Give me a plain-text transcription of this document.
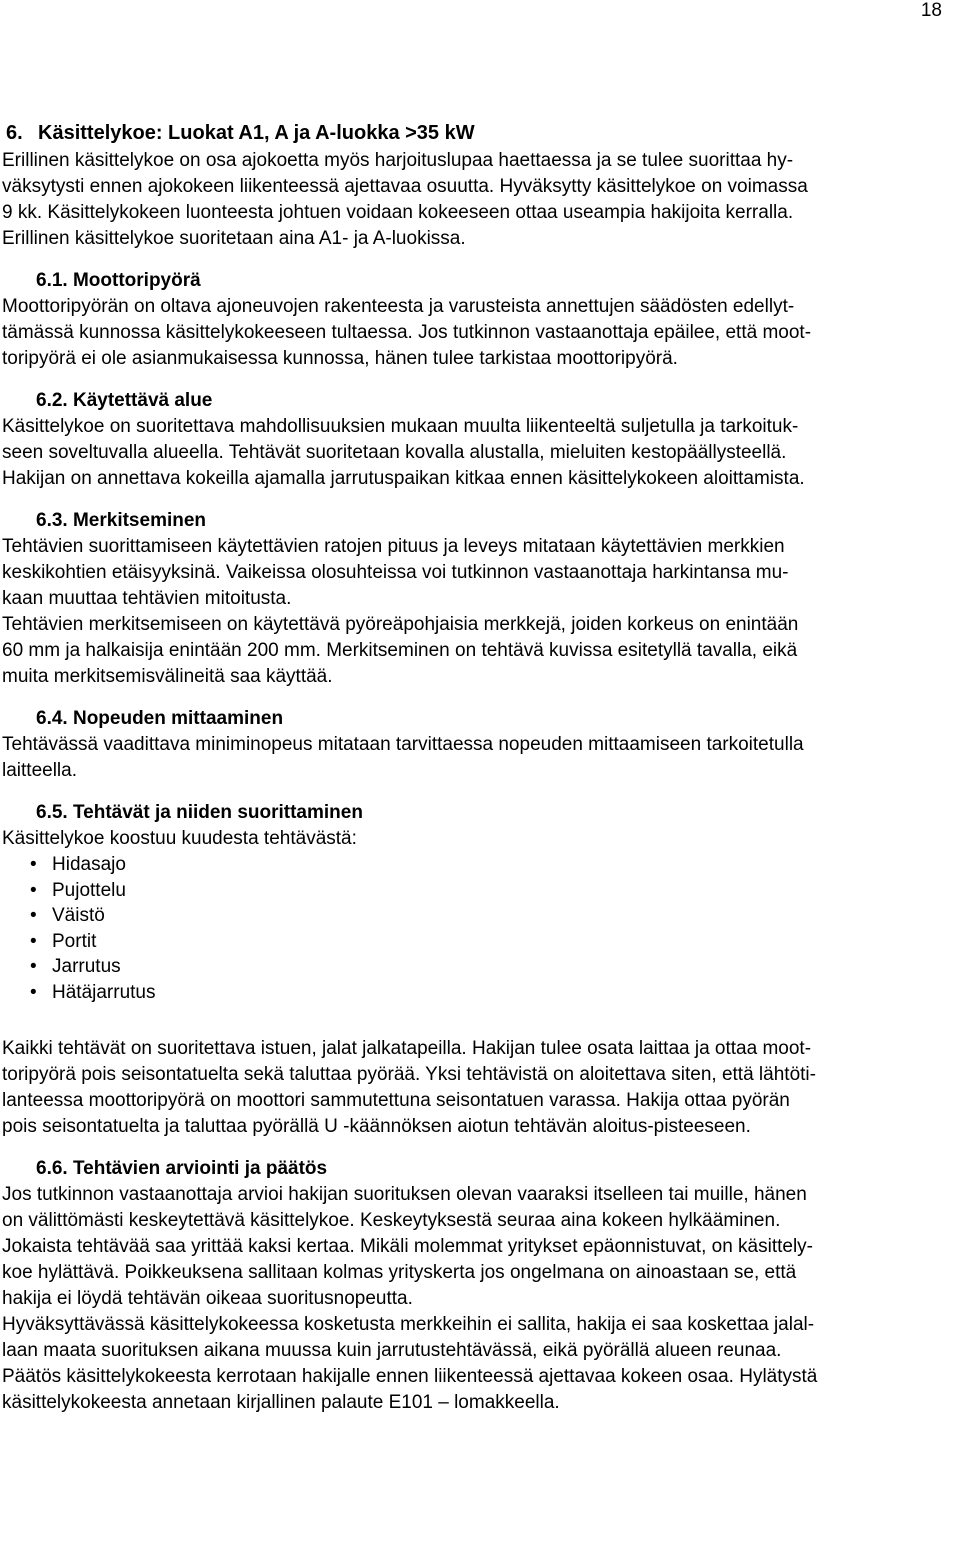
18
6. Käsittelykoe: Luokat A1, A ja A-luokka >35 kW

Erillinen käsittelykoe on osa ajokoetta myös harjoituslupaa haettaessa ja se tulee suorittaa hy-
väksytysti ennen ajokokeen liikenteessä ajettavaa osuutta. Hyväksytty käsittelykoe on voimassa
9 kk. Käsittelykokeen luonteesta johtuen voidaan kokeeseen ottaa useampia hakijoita kerralla.
Erillinen käsittelykoe suoritetaan aina A1- ja A-luokissa.

6.1. Moottoripyörä

Moottoripyörän on oltava ajoneuvojen rakenteesta ja varusteista annettujen säädösten edellyt-
tämässä kunnossa käsittelykokeeseen tultaessa. Jos tutkinnon vastaanottaja epäilee, että moot-
toripyörä ei ole asianmukaisessa kunnossa, hänen tulee tarkistaa moottoripyörä.

6.2. Käytettävä alue

Käsittelykoe on suoritettava mahdollisuuksien mukaan muulta liikenteeltä suljetulla ja tarkoituk-
seen soveltuvalla alueella. Tehtävät suoritetaan kovalla alustalla, mieluiten kestopäällysteellä.
Hakijan on annettava kokeilla ajamalla jarrutuspaikan kitkaa ennen käsittelykokeen aloittamista.

6.3. Merkitseminen

Tehtävien suorittamiseen käytettävien ratojen pituus ja leveys mitataan käytettävien merkkien
keskikohtien etäisyyksinä. Vaikeissa olosuhteissa voi tutkinnon vastaanottaja harkintansa mu-
kaan muuttaa tehtävien mitoitusta.

Tehtävien merkitsemiseen on käytettävä pyöreäpohjaisia merkkejä, joiden korkeus on enintään
60 mm ja halkaisija enintään 200 mm. Merkitseminen on tehtävä kuvissa esitetyllä tavalla, eikä
muita merkitsemisvälineitä saa käyttää.

6.4. Nopeuden mittaaminen

Tehtävässä vaadittava miniminopeus mitataan tarvittaessa nopeuden mittaamiseen tarkoitetulla
laitteella.

6.5. Tehtävät ja niiden suorittaminen

Käsittelykoe koostuu kuudesta tehtävästä:

• Hidasajo
• Pujottelu
• Väistö
• Portit
• Jarrutus
• Hätäjarrutus

Kaikki tehtävät on suoritettava istuen, jalat jalkatapeilla. Hakijan tulee osata laittaa ja ottaa moot-
toripyörä pois seisontatuelta sekä taluttaa pyörää. Yksi tehtävistä on aloitettava siten, että lähtöti-
lanteessa moottoripyörä on moottori sammutettuna seisontatuen varassa. Hakija ottaa pyörän
pois seisontatuelta ja taluttaa pyörällä U -käännöksen aiotun tehtävän aloitus-pisteeseen.

6.6. Tehtävien arviointi ja päätös

Jos tutkinnon vastaanottaja arvioi hakijan suorituksen olevan vaaraksi itselleen tai muille, hänen
on välittömästi keskeytettävä käsittelykoe. Keskeytyksestä seuraa aina kokeen hylkääminen.
Jokaista tehtävää saa yrittää kaksi kertaa. Mikäli molemmat yritykset epäonnistuvat, on käsittely-
koe hylättävä. Poikkeuksena sallitaan kolmas yrityskerta jos ongelmana on ainoastaan se, että
hakija ei löydä tehtävän oikeaa suoritusnopeutta.

Hyväksyttävässä käsittelykokeessa kosketusta merkkeihin ei sallita, hakija ei saa koskettaa jalal-
laan maata suorituksen aikana muussa kuin jarrutustehtävässä, eikä pyörällä alueen reunaa.

Päätös käsittelykokeesta kerrotaan hakijalle ennen liikenteessä ajettavaa kokeen osaa. Hylätystä
käsittelykokeesta annetaan kirjallinen palaute E101 – lomakkeella.
